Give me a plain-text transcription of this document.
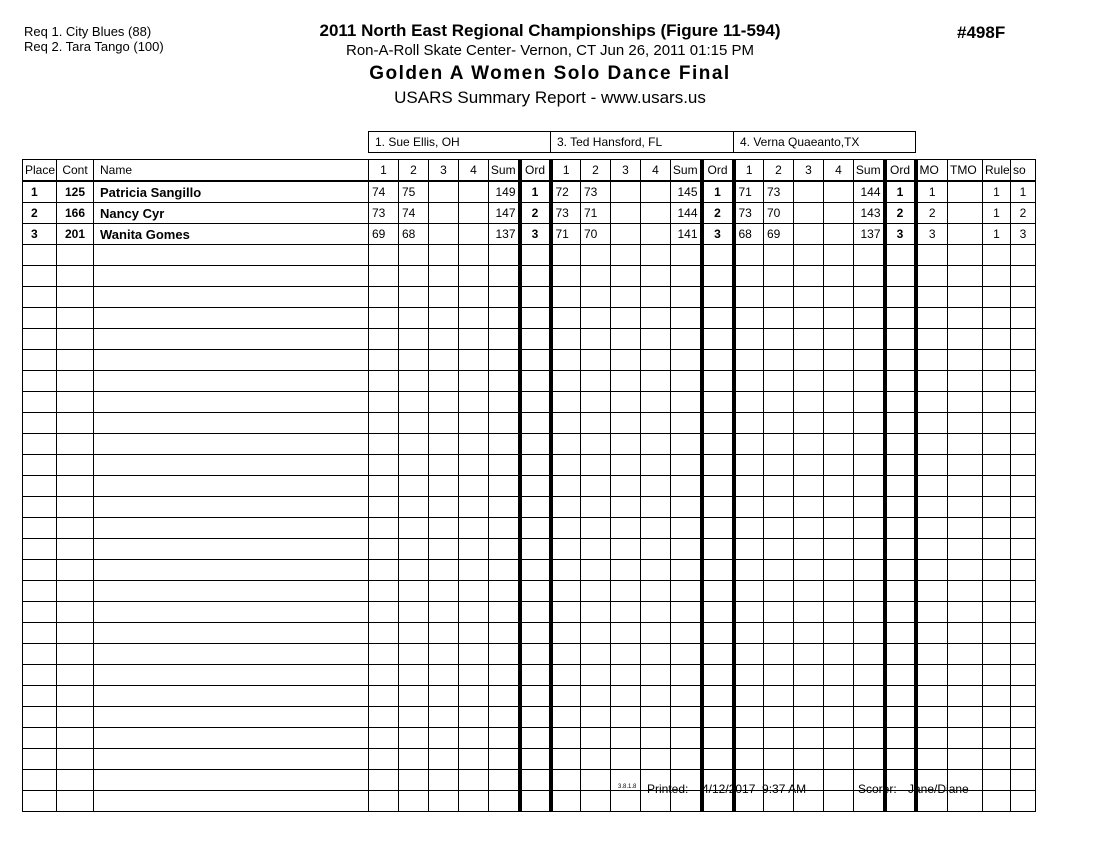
Req 1. City Blues (88)
Req 2. Tara Tango (100)
#498F
2011 North East Regional Championships (Figure 11-594)
Ron-A-Roll Skate Center- Vernon, CT Jun 26, 2011 01:15 PM
Golden A Women Solo Dance Final
USARS Summary Report - www.usars.us
			1. Sue Ellis, OH						3. Ted Hansford, FL						4. Verna Quaeanto,TX									

Place	Cont	Name	1	2	3	4	Sum	Ord	1	2	3	4	Sum	Ord	1	2	3	4	Sum	Ord	MO	TMO	Rule	so
1	125	Patricia Sangillo	74	75			149	1	72	73			145	1	71	73			144	1	1		1	1
2	166	Nancy Cyr	73	74			147	2	73	71			144	2	73	70			143	2	2		1	2
3	201	Wanita Gomes	69	68			137	3	71	70			141	3	68	69			137	3	3		1	3

3.8.1.8 Printed: 4/12/2017  9:37 AM	Scorer: Jane/Diane
